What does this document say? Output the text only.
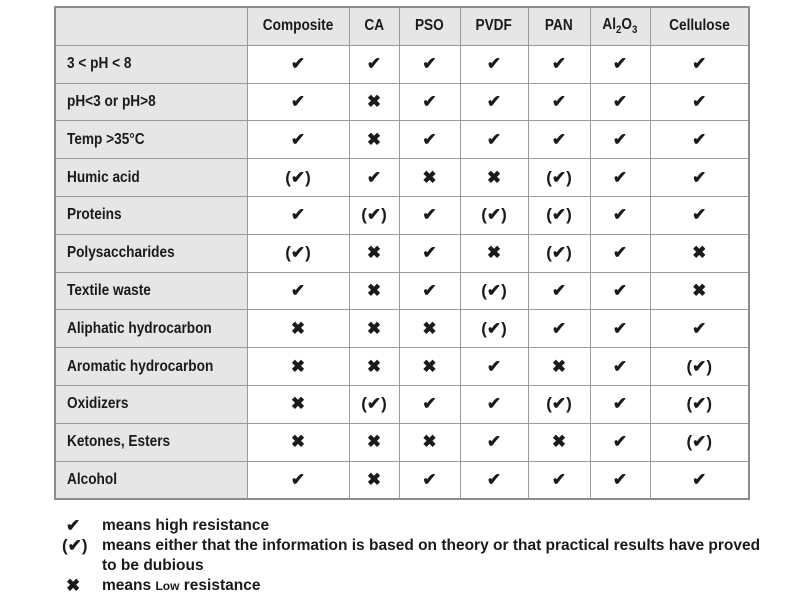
	Composite	CA	PSO	PVDF	PAN	$Al_2O_3$	Cellulose
3 < pH < 8	✔	✔	✔	✔	✔	✔	✔
pH<3 or pH>8	✔	✖	✔	✔	✔	✔	✔
Temp >35°C	✔	✖	✔	✔	✔	✔	✔
Humic acid	(✔)	✔	✖	✖	(✔)	✔	✔
Proteins	✔	(✔)	✔	(✔)	(✔)	✔	✔
Polysaccharides	(✔)	✖	✔	✖	(✔)	✔	✖
Textile waste	✔	✖	✔	(✔)	✔	✔	✖
Aliphatic hydrocarbon	✖	✖	✖	(✔)	✔	✔	✔
Aromatic hydrocarbon	✖	✖	✖	✔	✖	✔	(✔)
Oxidizers	✖	(✔)	✔	✔	(✔)	✔	(✔)
Ketones, Esters	✖	✖	✖	✔	✖	✔	(✔)
Alcohol	✔	✖	✔	✔	✔	✔	✔
✔	means high resistance
(✔) means either that the information is based on theory or that practical results have proved to be dubious
✖	means Low resistance
